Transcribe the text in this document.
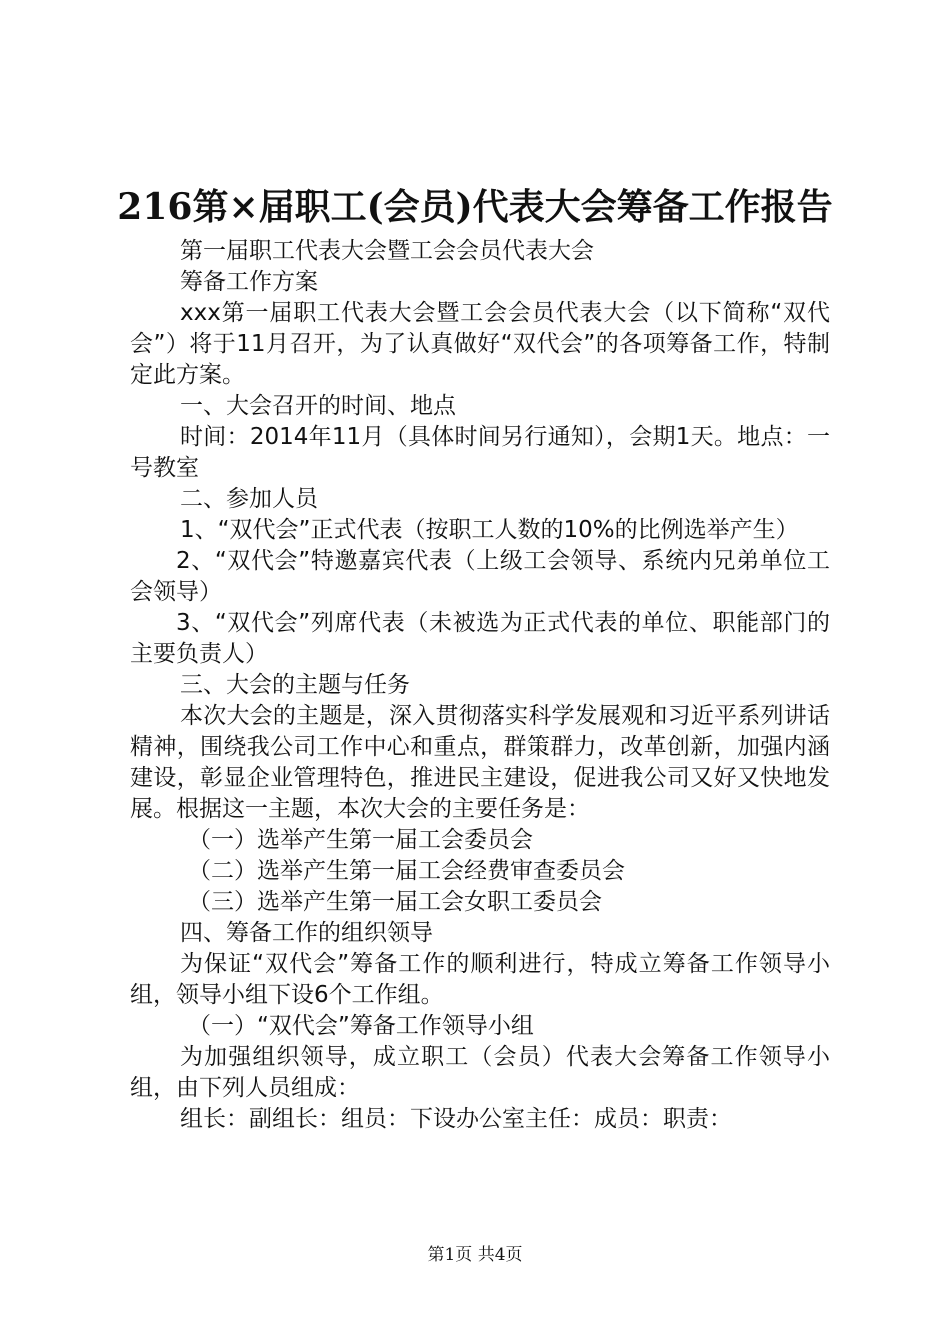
216第×届职工(会员)代表大会筹备工作报告

第一届职工代表大会暨工会会员代表大会

筹备工作方案

xxx第一届职工代表大会暨工会会员代表大会（以下简称“双代会”）将于11月召开，为了认真做好“双代会”的各项筹备工作，特制定此方案。

一、大会召开的时间、地点

时间：2014年11月（具体时间另行通知），会期1天。地点：一号教室

二、参加人员

1、“双代会”正式代表（按职工人数的10%的比例选举产生）

2、“双代会”特邀嘉宾代表（上级工会领导、系统内兄弟单位工会领导）

3、“双代会”列席代表（未被选为正式代表的单位、职能部门的主要负责人）

三、大会的主题与任务

本次大会的主题是，深入贯彻落实科学发展观和习近平系列讲话精神，围绕我公司工作中心和重点，群策群力，改革创新，加强内涵建设，彰显企业管理特色，推进民主建设，促进我公司又好又快地发展。根据这一主题，本次大会的主要任务是：

（一）选举产生第一届工会委员会

（二）选举产生第一届工会经费审查委员会

（三）选举产生第一届工会女职工委员会

四、筹备工作的组织领导

为保证“双代会”筹备工作的顺利进行，特成立筹备工作领导小组，领导小组下设6个工作组。

（一）“双代会”筹备工作领导小组

为加强组织领导，成立职工（会员）代表大会筹备工作领导小组，由下列人员组成：

组长：副组长：组员：下设办公室主任：成员：职责：

第1页 共4页
